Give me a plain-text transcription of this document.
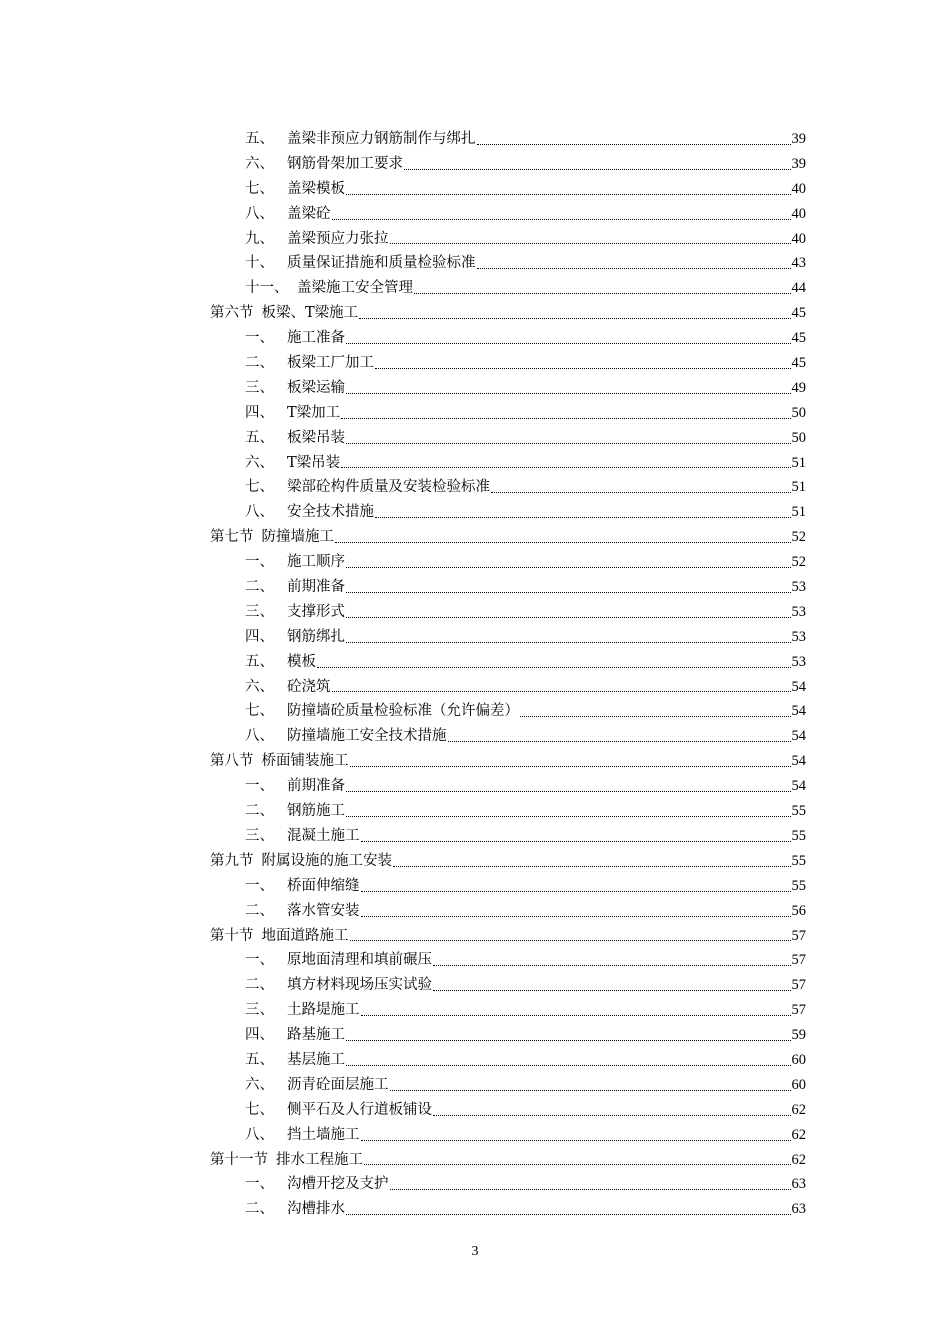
五、 盖梁非预应力钢筋制作与绑扎	39
六、 钢筋骨架加工要求	39
七、 盖梁模板	40
八、 盖梁砼	40
九、 盖梁预应力张拉	40
十、 质量保证措施和质量检验标准	43
十一、 盖梁施工安全管理	44
第六节 板梁、T梁施工	45
一、 施工准备	45
二、 板梁工厂加工	45
三、 板梁运输	49
四、 T梁加工	50
五、 板梁吊装	50
六、 T梁吊装	51
七、 梁部砼构件质量及安装检验标准	51
八、 安全技术措施	51
第七节 防撞墙施工	52
一、 施工顺序	52
二、 前期准备	53
三、 支撑形式	53
四、 钢筋绑扎	53
五、 模板	53
六、 砼浇筑	54
七、 防撞墙砼质量检验标准（允许偏差）	54
八、 防撞墙施工安全技术措施	54
第八节 桥面铺装施工	54
一、 前期准备	54
二、 钢筋施工	55
三、 混凝土施工	55
第九节 附属设施的施工安装	55
一、 桥面伸缩缝	55
二、 落水管安装	56
第十节 地面道路施工	57
一、 原地面清理和填前碾压	57
二、 填方材料现场压实试验	57
三、 土路堤施工	57
四、 路基施工	59
五、 基层施工	60
六、 沥青砼面层施工	60
七、 侧平石及人行道板铺设	62
八、 挡土墙施工	62
第十一节 排水工程施工	62
一、 沟槽开挖及支护	63
二、 沟槽排水	63
3
